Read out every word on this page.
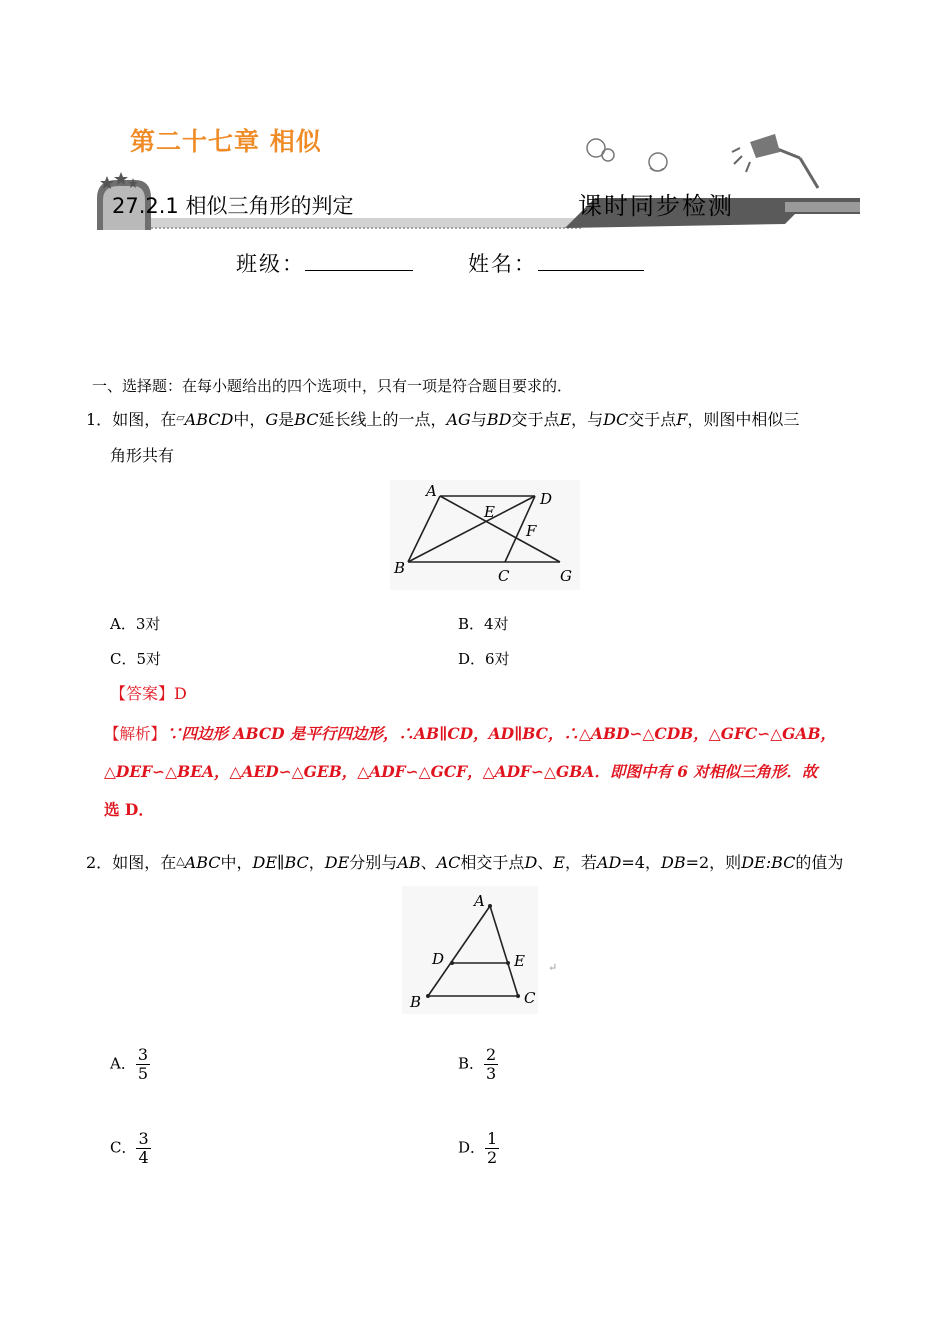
第二十七章 相似
27.2.1 相似三角形的判定	课时同步检测
班级：	姓名：
一、选择题：在每小题给出的四个选项中，只有一项是符合题目要求的．
1．如图，在▱ABCD中，G是BC延长线上的一点，AG与BD交于点E，与DC交于点F，则图中相似三
角形共有
A	D
E
F
B	C	G
A．3对	B．4对
C．5对	D．6对
【答案】D
【解析】∵四边形 ABCD 是平行四边形，∴AB∥CD，AD∥BC，∴△ABD∽△CDB，△GFC∽△GAB，
△DEF∽△BEA，△AED∽△GEB，△ADF∽△GCF，△ADF∽△GBA．即图中有 6 对相似三角形．故
选 D．
2．如图，在△ABC中，DE∥BC，DE分别与AB、AC相交于点D、E，若AD=4，DB=2，则DE:BC的值为
A
D	E
B	C
↵
A． $\frac{3}{5}$	B． $\frac{2}{3}$
C． $\frac{3}{4}$	D． $\frac{1}{2}$
